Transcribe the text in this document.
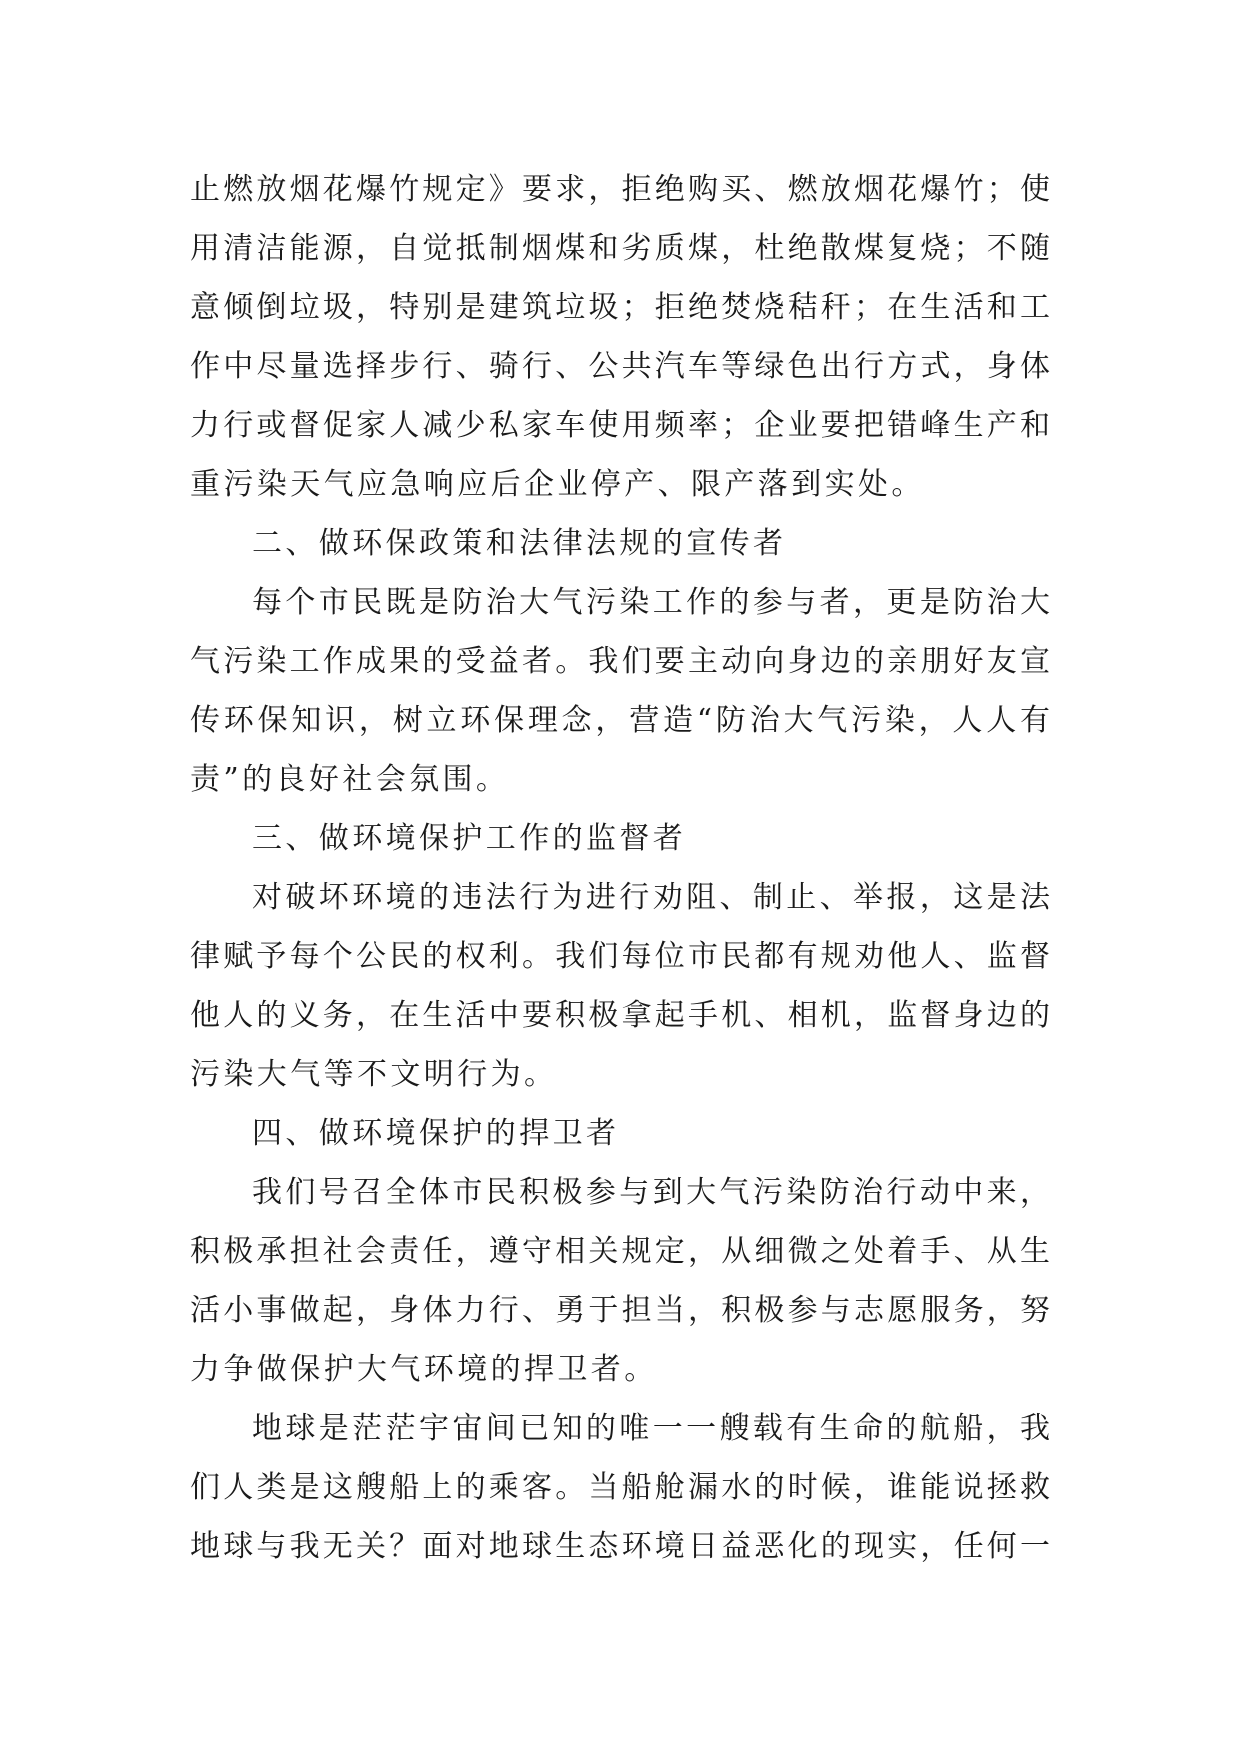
止燃放烟花爆竹规定》要求，拒绝购买、燃放烟花爆竹；使
用清洁能源，自觉抵制烟煤和劣质煤，杜绝散煤复烧；不随
意倾倒垃圾，特别是建筑垃圾；拒绝焚烧秸秆；在生活和工
作中尽量选择步行、骑行、公共汽车等绿色出行方式，身体
力行或督促家人减少私家车使用频率；企业要把错峰生产和
重污染天气应急响应后企业停产、限产落到实处。
二、做环保政策和法律法规的宣传者
每个市民既是防治大气污染工作的参与者，更是防治大
气污染工作成果的受益者。我们要主动向身边的亲朋好友宣
传环保知识，树立环保理念，营造“防治大气污染，人人有
责”的良好社会氛围。
三、做环境保护工作的监督者
对破坏环境的违法行为进行劝阻、制止、举报，这是法
律赋予每个公民的权利。我们每位市民都有规劝他人、监督
他人的义务，在生活中要积极拿起手机、相机，监督身边的
污染大气等不文明行为。
四、做环境保护的捍卫者
我们号召全体市民积极参与到大气污染防治行动中来，
积极承担社会责任，遵守相关规定，从细微之处着手、从生
活小事做起，身体力行、勇于担当，积极参与志愿服务，努
力争做保护大气环境的捍卫者。
地球是茫茫宇宙间已知的唯一一艘载有生命的航船，我
们人类是这艘船上的乘客。当船舱漏水的时候，谁能说拯救
地球与我无关？面对地球生态环境日益恶化的现实，任何一
